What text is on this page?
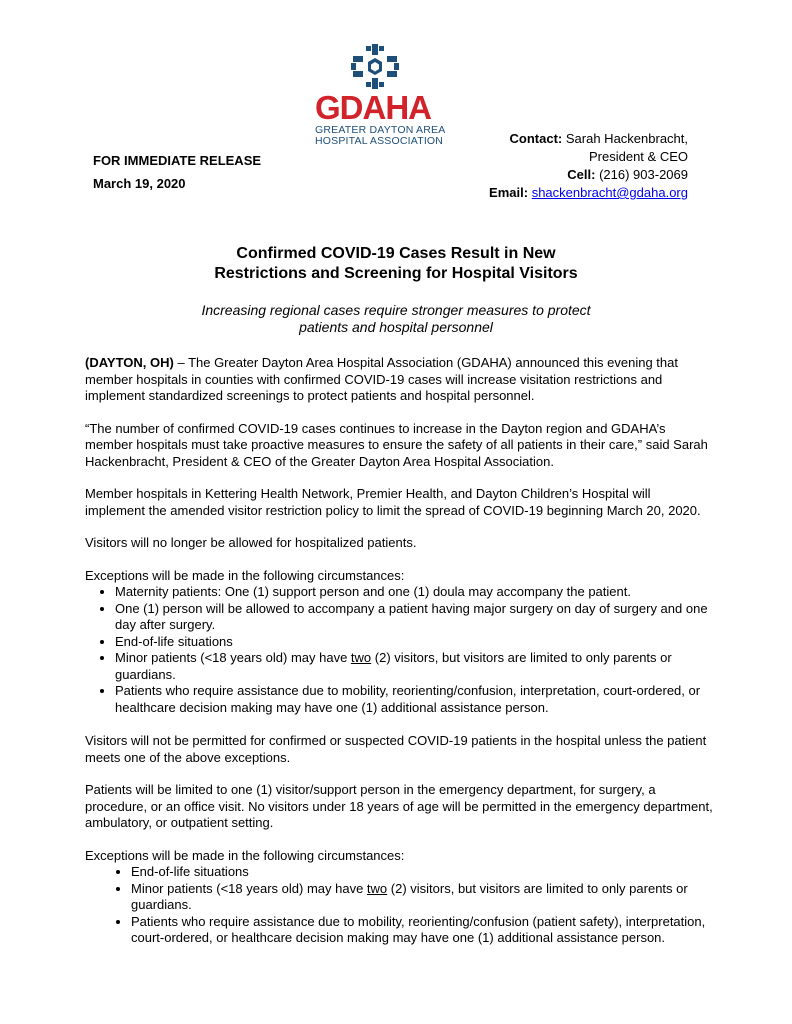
GDAHA
GREATER DAYTON AREA
HOSPITAL ASSOCIATION
FOR IMMEDIATE RELEASE
March 19, 2020
Contact: Sarah Hackenbracht,
President & CEO
Cell: (216) 903-2069
Email: shackenbracht@gdaha.org
Confirmed COVID-19 Cases Result in New
Restrictions and Screening for Hospital Visitors
Increasing regional cases require stronger measures to protect
patients and hospital personnel

(DAYTON, OH) – The Greater Dayton Area Hospital Association (GDAHA) announced this evening that member hospitals in counties with confirmed COVID-19 cases will increase visitation restrictions and implement standardized screenings to protect patients and hospital personnel.

“The number of confirmed COVID-19 cases continues to increase in the Dayton region and GDAHA’s member hospitals must take proactive measures to ensure the safety of all patients in their care,” said Sarah Hackenbracht, President & CEO of the Greater Dayton Area Hospital Association.

Member hospitals in Kettering Health Network, Premier Health, and Dayton Children’s Hospital will implement the amended visitor restriction policy to limit the spread of COVID-19 beginning March 20, 2020.

Visitors will no longer be allowed for hospitalized patients.

Exceptions will be made in the following circumstances:
• Maternity patients: One (1) support person and one (1) doula may accompany the patient.
• One (1) person will be allowed to accompany a patient having major surgery on day of surgery and one day after surgery.
• End-of-life situations
• Minor patients (<18 years old) may have two (2) visitors, but visitors are limited to only parents or guardians.
• Patients who require assistance due to mobility, reorienting/confusion, interpretation, court-ordered, or healthcare decision making may have one (1) additional assistance person.

Visitors will not be permitted for confirmed or suspected COVID-19 patients in the hospital unless the patient meets one of the above exceptions.

Patients will be limited to one (1) visitor/support person in the emergency department, for surgery, a procedure, or an office visit. No visitors under 18 years of age will be permitted in the emergency department, ambulatory, or outpatient setting.

Exceptions will be made in the following circumstances:
• End-of-life situations
• Minor patients (<18 years old) may have two (2) visitors, but visitors are limited to only parents or guardians.
• Patients who require assistance due to mobility, reorienting/confusion (patient safety), interpretation, court-ordered, or healthcare decision making may have one (1) additional assistance person.
